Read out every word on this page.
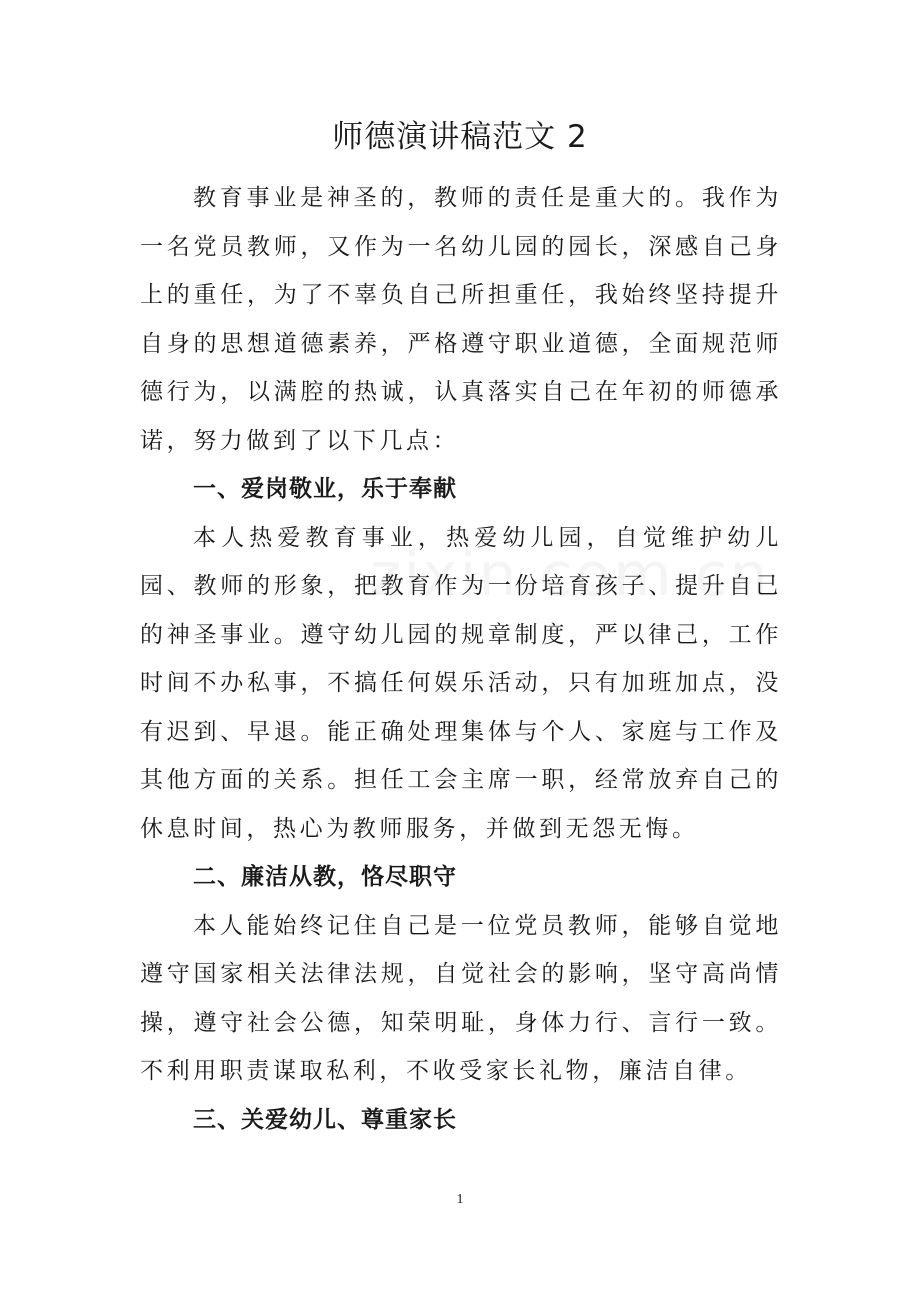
师德演讲稿范文 2

教育事业是神圣的，教师的责任是重大的。我作为一名党员教师，又作为一名幼儿园的园长，深感自己身上的重任，为了不辜负自己所担重任，我始终坚持提升自身的思想道德素养，严格遵守职业道德，全面规范师德行为，以满腔的热诚，认真落实自己在年初的师德承诺，努力做到了以下几点：

一、爱岗敬业，乐于奉献

本人热爱教育事业，热爱幼儿园，自觉维护幼儿园、教师的形象，把教育作为一份培育孩子、提升自己的神圣事业。遵守幼儿园的规章制度，严以律己，工作时间不办私事，不搞任何娱乐活动，只有加班加点，没有迟到、早退。能正确处理集体与个人、家庭与工作及其他方面的关系。担任工会主席一职，经常放弃自己的休息时间，热心为教师服务，并做到无怨无悔。

二、廉洁从教，恪尽职守

本人能始终记住自己是一位党员教师，能够自觉地遵守国家相关法律法规，自觉社会的影响，坚守高尚情操，遵守社会公德，知荣明耻，身体力行、言行一致。不利用职责谋取私利，不收受家长礼物，廉洁自律。

三、关爱幼儿、尊重家长
1
